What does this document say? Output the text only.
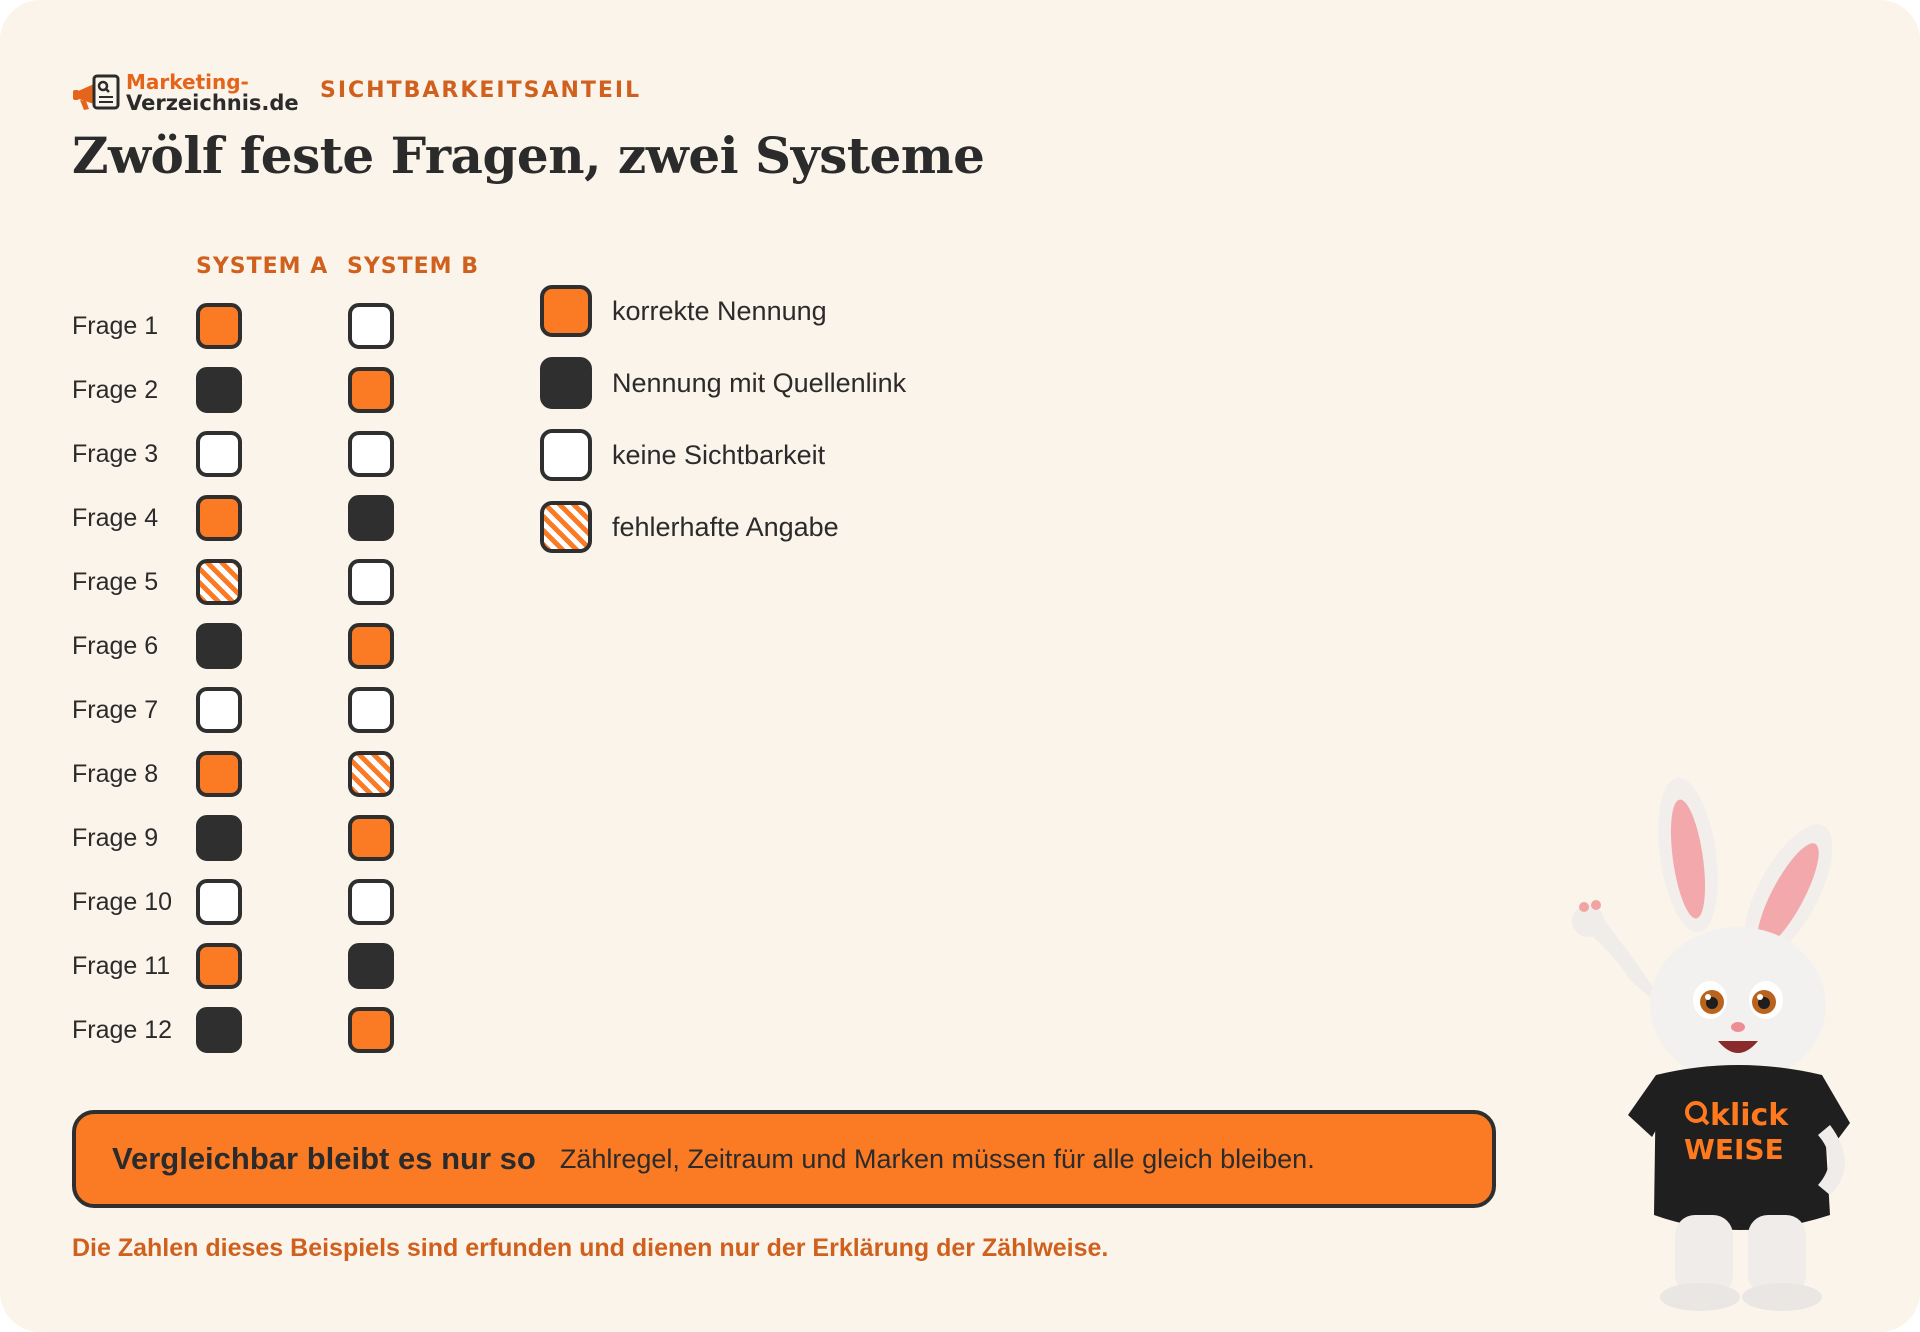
Marketing-
Verzeichnis.de SICHTBARKEITSANTEIL
Zwölf feste Fragen, zwei Systeme
SYSTEM A SYSTEM B
Frage 1
Frage 2
Frage 3
Frage 4
Frage 5
Frage 6
Frage 7
Frage 8
Frage 9
Frage 10
Frage 11
Frage 12
korrekte Nennung
Nennung mit Quellenlink
keine Sichtbarkeit
fehlerhafte Angabe
Vergleichbar bleibt es nur so Zählregel, Zeitraum und Marken müssen für alle gleich bleiben.
Die Zahlen dieses Beispiels sind erfunden und dienen nur der Erklärung der Zählweise.
klick
WEISE
